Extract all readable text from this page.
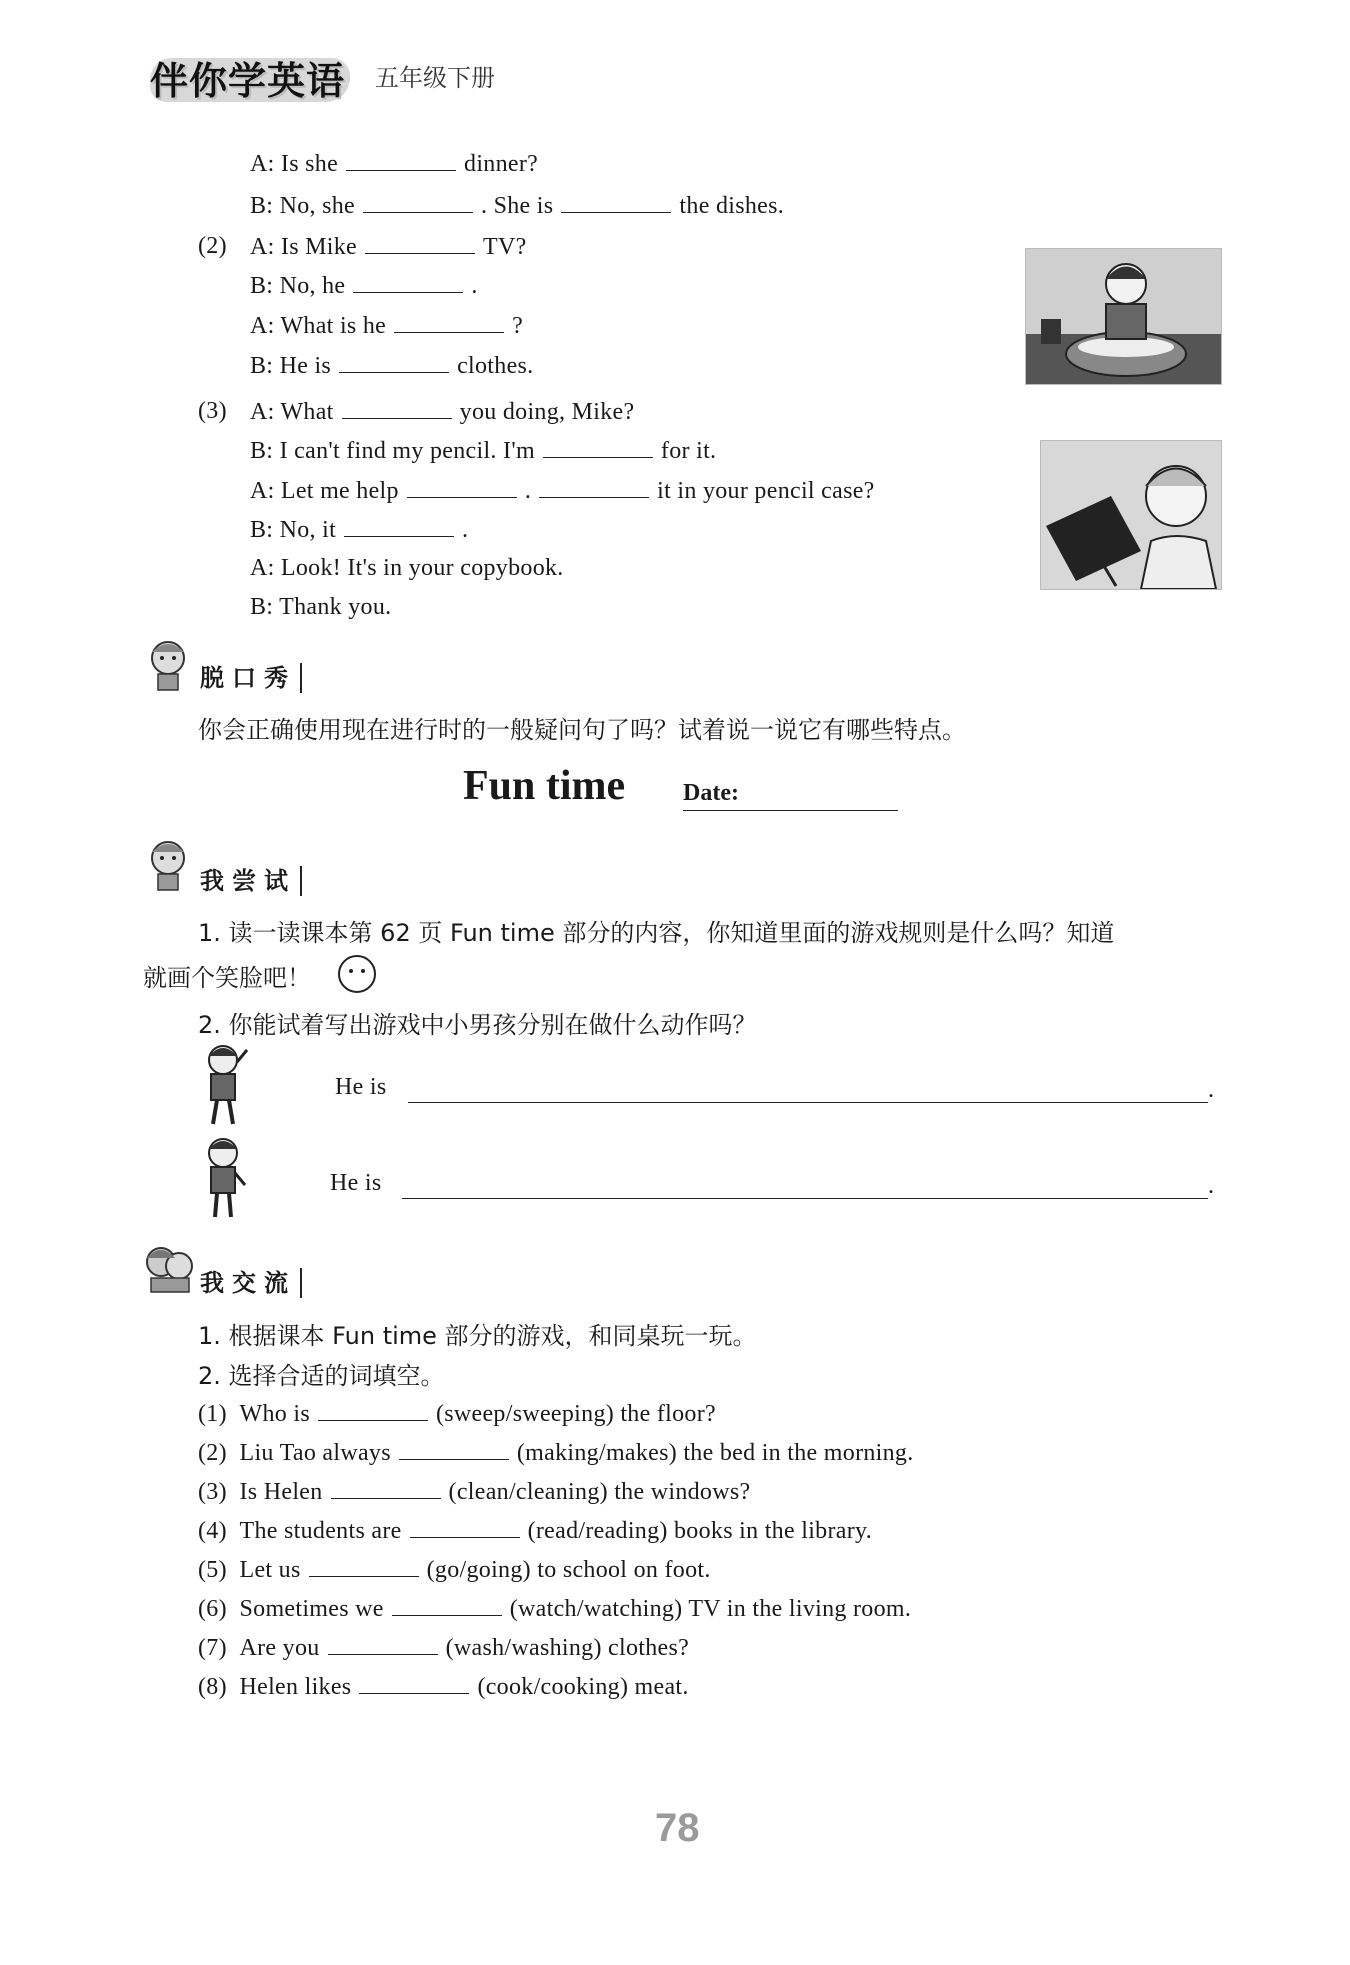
伴你学英语 五年级下册
A: Is she	dinner?
B: No, she	. She is	the dishes.
(2) A: Is Mike	TV?
B: No, he	.
A: What is he	?
B: He is	clothes.
(3) A: What	you doing, Mike?
B: I can't find my pencil. I'm	for it.
A: Let me help	.	it in your pencil case?
B: No, it	.
A: Look! It's in your copybook.
B: Thank you.
脱口秀
你会正确使用现在进行时的一般疑问句了吗？试着说一说它有哪些特点。
Fun time Date:
我尝试
1. 读一读课本第 62 页 Fun time 部分的内容，你知道里面的游戏规则是什么吗？知道
就画个笑脸吧！
2. 你能试着写出游戏中小男孩分别在做什么动作吗？
He is	.
He is	.
我交流
1. 根据课本 Fun time 部分的游戏，和同桌玩一玩。
2. 选择合适的词填空。
(1) Who is	(sweep/sweeping) the floor?
(2) Liu Tao always	(making/makes) the bed in the morning.
(3) Is Helen	(clean/cleaning) the windows?
(4) The students are	(read/reading) books in the library.
(5) Let us	(go/going) to school on foot.
(6) Sometimes we	(watch/watching) TV in the living room.
(7) Are you	(wash/washing) clothes?
(8) Helen likes	(cook/cooking) meat.
78
